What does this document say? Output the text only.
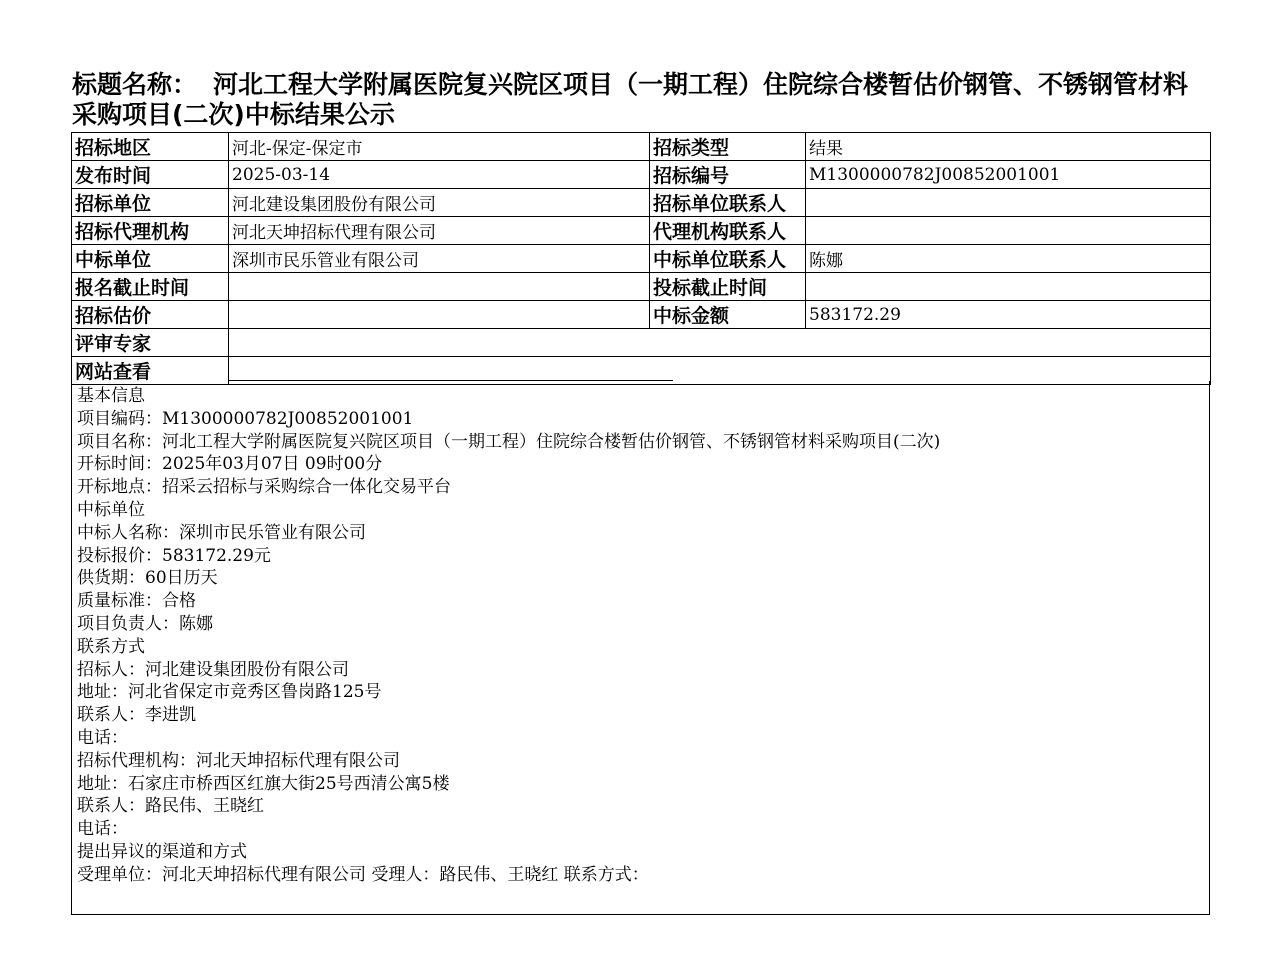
标题名称： 河北工程大学附属医院复兴院区项目（一期工程）住院综合楼暂估价钢管、不锈钢管材料采购项目(二次)中标结果公示
招标地区	河北-保定-保定市	招标类型	结果
发布时间	2025-03-14	招标编号	M1300000782J00852001001
招标单位	河北建设集团股份有限公司	招标单位联系人	
招标代理机构	河北天坤招标代理有限公司	代理机构联系人	
中标单位	深圳市民乐管业有限公司	中标单位联系人	陈娜
报名截止时间		投标截止时间	
招标估价		中标金额	583172.29
评审专家			
网站查看			
基本信息
项目编码：M1300000782J00852001001
项目名称：河北工程大学附属医院复兴院区项目（一期工程）住院综合楼暂估价钢管、不锈钢管材料采购项目(二次)
开标时间：2025年03月07日 09时00分
开标地点：招采云招标与采购综合一体化交易平台
中标单位
中标人名称：深圳市民乐管业有限公司
投标报价：583172.29元
供货期：60日历天
质量标准：合格
项目负责人：陈娜
联系方式
招标人：河北建设集团股份有限公司
地址：河北省保定市竞秀区鲁岗路125号
联系人：李进凯
电话：
招标代理机构：河北天坤招标代理有限公司
地址：石家庄市桥西区红旗大街25号西清公寓5楼
联系人：路民伟、王晓红
电话：
提出异议的渠道和方式
受理单位：河北天坤招标代理有限公司 受理人：路民伟、王晓红 联系方式：
